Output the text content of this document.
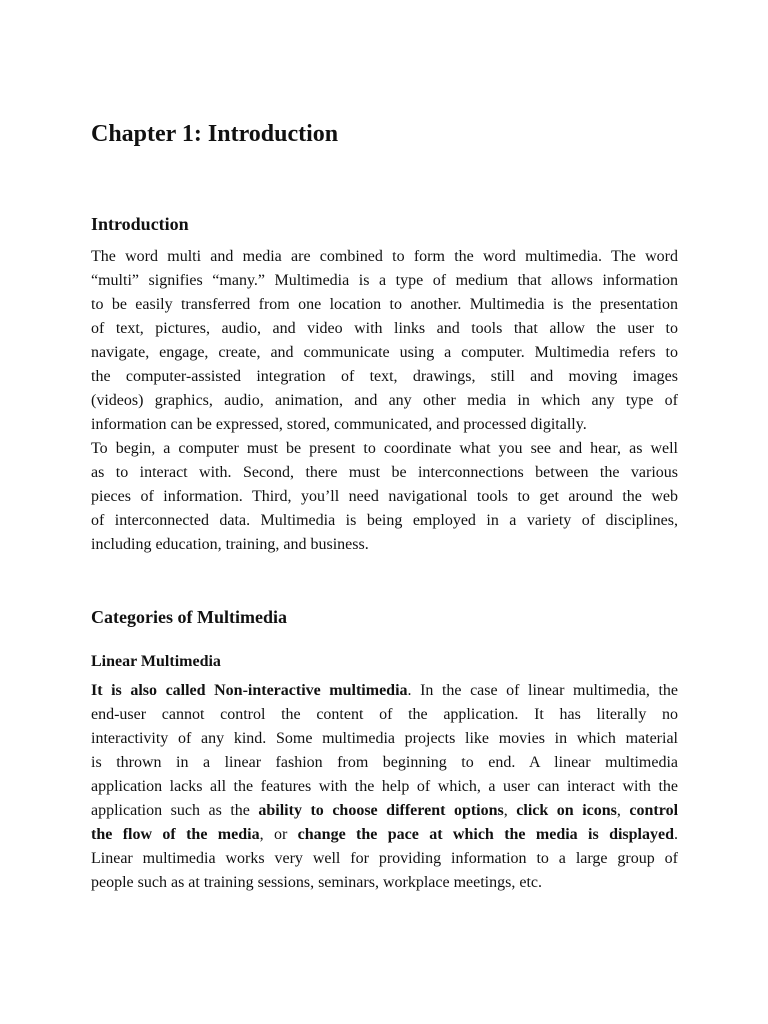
Chapter 1: Introduction
Introduction

The word multi and media are combined to form the word multimedia. The word
“multi” signifies “many.” Multimedia is a type of medium that allows information
to be easily transferred from one location to another. Multimedia is the presentation
of text, pictures, audio, and video with links and tools that allow the user to
navigate, engage, create, and communicate using a computer. Multimedia refers to
the computer-assisted integration of text, drawings, still and moving images
(videos) graphics, audio, animation, and any other media in which any type of
information can be expressed, stored, communicated, and processed digitally.

To begin, a computer must be present to coordinate what you see and hear, as well
as to interact with. Second, there must be interconnections between the various
pieces of information. Third, you’ll need navigational tools to get around the web
of interconnected data. Multimedia is being employed in a variety of disciplines,
including education, training, and business.

Categories of Multimedia
Linear Multimedia

It is also called Non-interactive multimedia. In the case of linear multimedia, the
end-user cannot control the content of the application. It has literally no
interactivity of any kind. Some multimedia projects like movies in which material
is thrown in a linear fashion from beginning to end. A linear multimedia
application lacks all the features with the help of which, a user can interact with the
application such as the ability to choose different options, click on icons, control
the flow of the media, or change the pace at which the media is displayed.
Linear multimedia works very well for providing information to a large group of
people such as at training sessions, seminars, workplace meetings, etc.
